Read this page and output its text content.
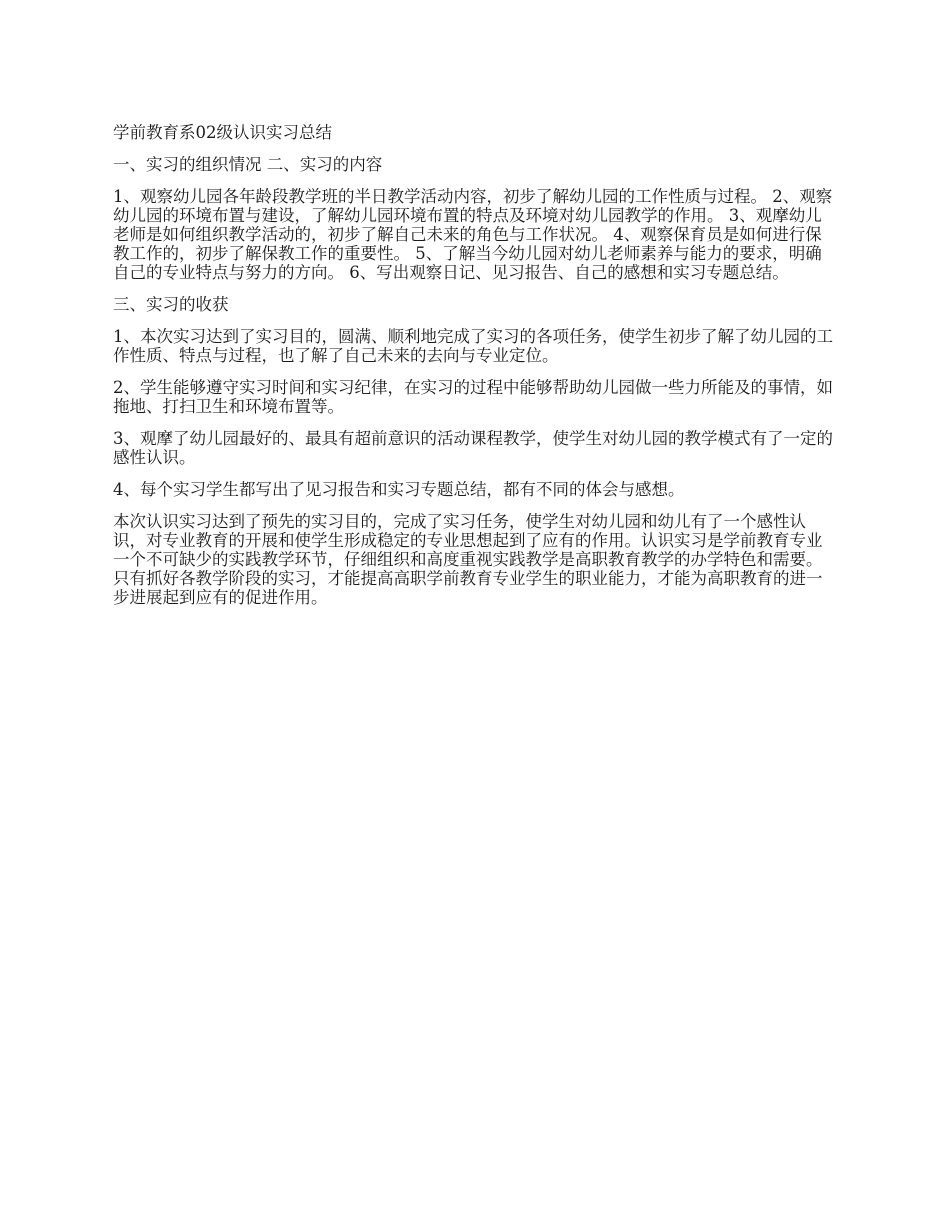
学前教育系02级认识实习总结

一、实习的组织情况 二、实习的内容

1、观察幼儿园各年龄段教学班的半日教学活动内容，初步了解幼儿园的工作性质与过程。 2、观察幼儿园的环境布置与建设，了解幼儿园环境布置的特点及环境对幼儿园教学的作用。 3、观摩幼儿老师是如何组织教学活动的，初步了解自己未来的角色与工作状况。 4、观察保育员是如何进行保教工作的，初步了解保教工作的重要性。 5、了解当今幼儿园对幼儿老师素养与能力的要求，明确自己的专业特点与努力的方向。 6、写出观察日记、见习报告、自己的感想和实习专题总结。

三、实习的收获

1、本次实习达到了实习目的，圆满、顺利地完成了实习的各项任务，使学生初步了解了幼儿园的工作性质、特点与过程，也了解了自己未来的去向与专业定位。

2、学生能够遵守实习时间和实习纪律，在实习的过程中能够帮助幼儿园做一些力所能及的事情，如拖地、打扫卫生和环境布置等。

3、观摩了幼儿园最好的、最具有超前意识的活动课程教学，使学生对幼儿园的教学模式有了一定的感性认识。

4、每个实习学生都写出了见习报告和实习专题总结，都有不同的体会与感想。

本次认识实习达到了预先的实习目的，完成了实习任务，使学生对幼儿园和幼儿有了一个感性认识，对专业教育的开展和使学生形成稳定的专业思想起到了应有的作用。认识实习是学前教育专业一个不可缺少的实践教学环节，仔细组织和高度重视实践教学是高职教育教学的办学特色和需要。只有抓好各教学阶段的实习，才能提高高职学前教育专业学生的职业能力，才能为高职教育的进一步进展起到应有的促进作用。
